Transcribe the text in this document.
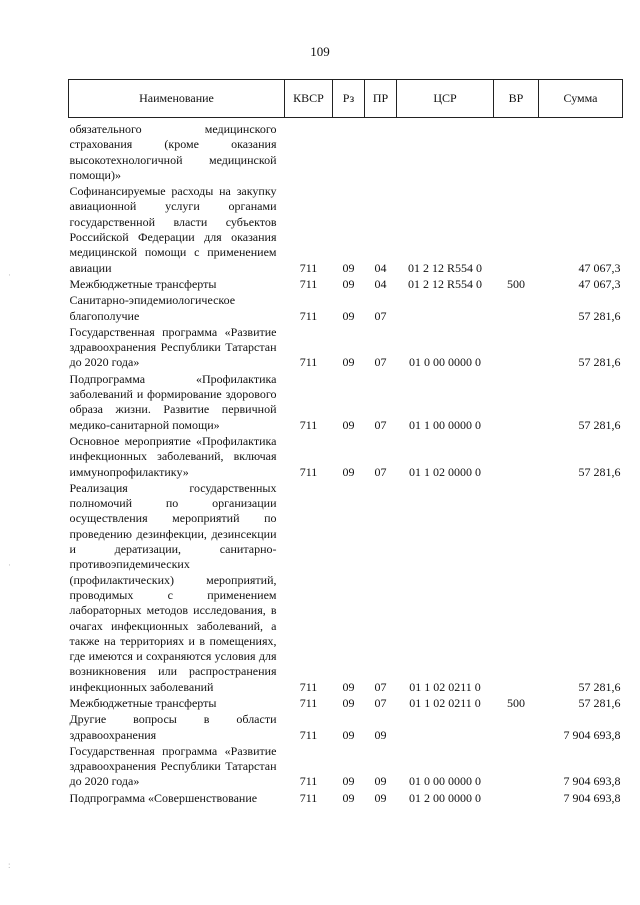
109
·
·
:
Наименование	КВСР	Рз	ПР	ЦСР	ВР	Сумма
обязательного медицинского страхования (кроме оказания высокотехнологичной медицинской помощи)»						
Софинансируемые расходы на закупку авиационной услуги органами государственной власти субъектов Российской Федерации для оказания медицинской помощи с применением авиации	711	09	04	01 2 12 R554 0		47 067,3
Межбюджетные трансферты	711	09	04	01 2 12 R554 0	500	47 067,3
Санитарно-эпидемиологическое благополучие	711	09	07			57 281,6
Государственная программа «Развитие здравоохранения Республики Татарстан до 2020 года»	711	09	07	01 0 00 0000 0		57 281,6
Подпрограмма «Профилактика заболеваний и формирование здорового образа жизни. Развитие первичной медико-санитарной помощи»	711	09	07	01 1 00 0000 0		57 281,6
Основное мероприятие «Профилактика инфекционных заболеваний, включая иммунопрофилактику»	711	09	07	01 1 02 0000 0		57 281,6
Реализация государственных полномочий по организации осуществления мероприятий по проведению дезинфекции, дезинсекции и дератизации, санитарно-противоэпидемических (профилактических) мероприятий, проводимых с применением лабораторных методов исследования, в очагах инфекционных заболеваний, а также на территориях и в помещениях, где имеются и сохраняются условия для возникновения или распространения инфекционных заболеваний	711	09	07	01 1 02 0211 0		57 281,6
Межбюджетные трансферты	711	09	07	01 1 02 0211 0	500	57 281,6
Другие вопросы в области здравоохранения	711	09	09			7 904 693,8
Государственная программа «Развитие здравоохранения Республики Татарстан до 2020 года»	711	09	09	01 0 00 0000 0		7 904 693,8
Подпрограмма «Совершенствование	711	09	09	01 2 00 0000 0		7 904 693,8
